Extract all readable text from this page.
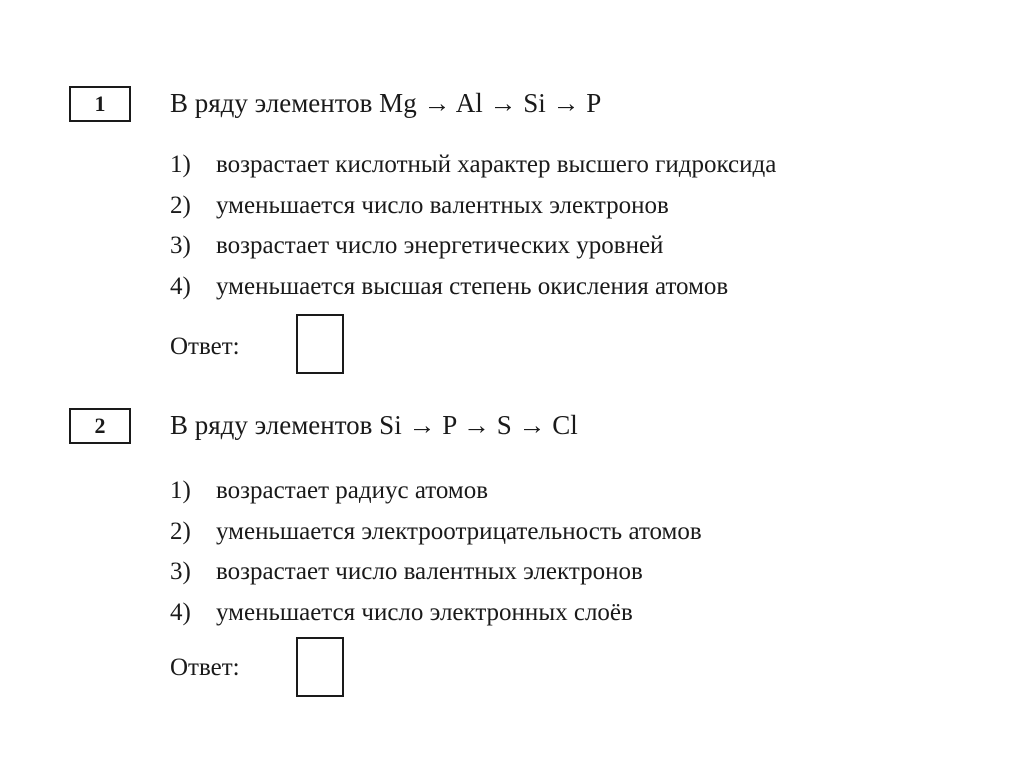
1 В ряду элементов Mg → Al → Si → P
1)	возрастает кислотный характер высшего гидроксида
2)	уменьшается число валентных электронов
3)	возрастает число энергетических уровней
4)	уменьшается высшая степень окисления атомов
Ответ:
2 В ряду элементов Si → P → S → Cl
1)	возрастает радиус атомов
2)	уменьшается электроотрицательность атомов
3)	возрастает число валентных электронов
4)	уменьшается число электронных слоёв
Ответ:
